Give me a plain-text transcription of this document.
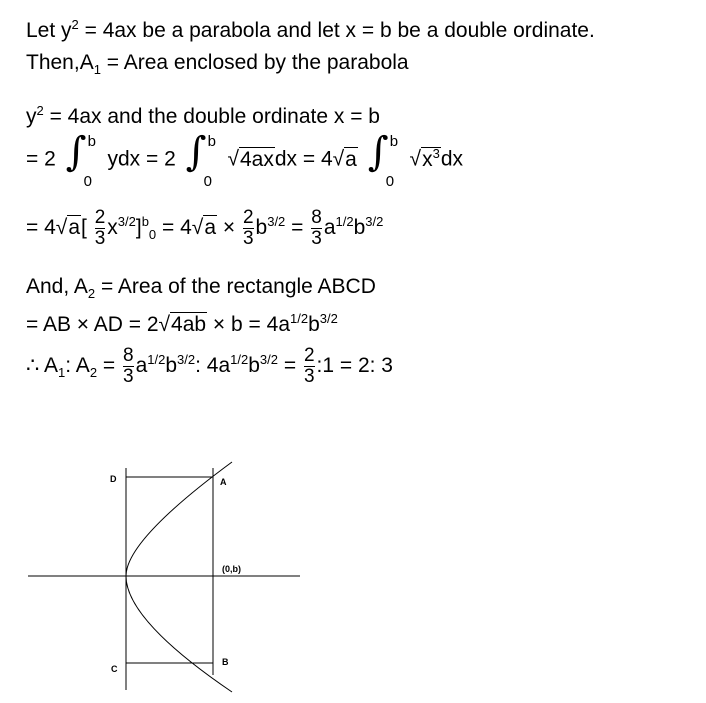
Let $y^2 = 4ax$ be a parabola and let x = b be a double ordinate.
$Then,A_1$ = Area enclosed by the parabola
$y^2 = 4ax$ and the double ordinate x = b
= 2 ∫ b
0
ydx = 2 ∫ b
0
√4axdx = 4√a ∫ b
0
$√x^3dx$
= $4√a[ \frac{2}{3} x^{3/2}]^b_0 = 4√a \times \frac{2}{3} b^{3/2} = \frac{8}{3} a^{1/2}b^{3/2}$
And, $A_2$ = Area of the rectangle ABCD
= AB × AD = $2√4ab \times b = 4a^{1/2}b^{3/2}$
∴ $A_1$: $A_2 = \frac{8}{3} a^{1/2}b^{3/2}$: $4a^{1/2}b^{3/2} = \frac{2}{3}$ :1 = 2: 3
D	A
(0,b)
C
B
